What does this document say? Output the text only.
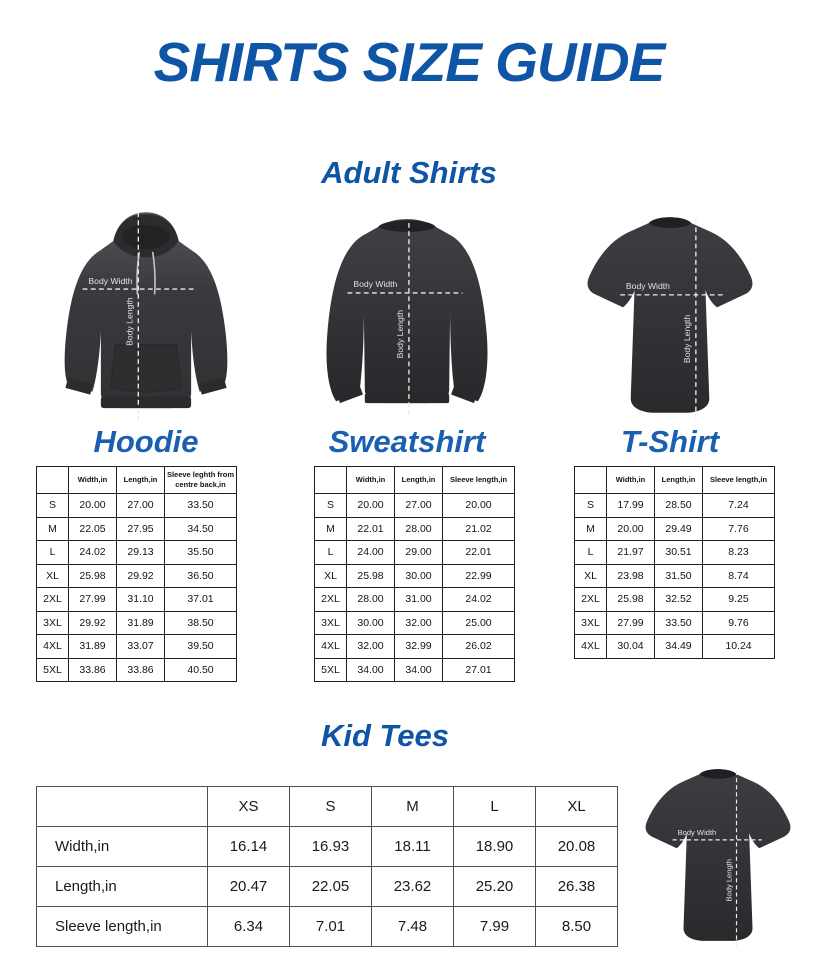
SHIRTS SIZE GUIDE
Adult Shirts
Body Width
Body Length
Body Width
Body Length
Body Width
Body Length
Hoodie	Sweatshirt	T-Shirt
	Width,in	Length,in	Sleeve leghth from centre back,in
S	20.00	27.00	33.50
M	22.05	27.95	34.50
L	24.02	29.13	35.50
XL	25.98	29.92	36.50
2XL	27.99	31.10	37.01
3XL	29.92	31.89	38.50
4XL	31.89	33.07	39.50
5XL	33.86	33.86	40.50
	Width,in	Length,in	Sleeve length,in
S	20.00	27.00	20.00
M	22.01	28.00	21.02
L	24.00	29.00	22.01
XL	25.98	30.00	22.99
2XL	28.00	31.00	24.02
3XL	30.00	32.00	25.00
4XL	32.00	32.99	26.02
5XL	34.00	34.00	27.01
	Width,in	Length,in	Sleeve length,in
S	17.99	28.50	7.24
M	20.00	29.49	7.76
L	21.97	30.51	8.23
XL	23.98	31.50	8.74
2XL	25.98	32.52	9.25
3XL	27.99	33.50	9.76
4XL	30.04	34.49	10.24
Kid Tees
	XS	S	M	L	XL
Width,in	16.14	16.93	18.11	18.90	20.08
Length,in	20.47	22.05	23.62	25.20	26.38
Sleeve length,in	6.34	7.01	7.48	7.99	8.50
Body Width
Body Length
